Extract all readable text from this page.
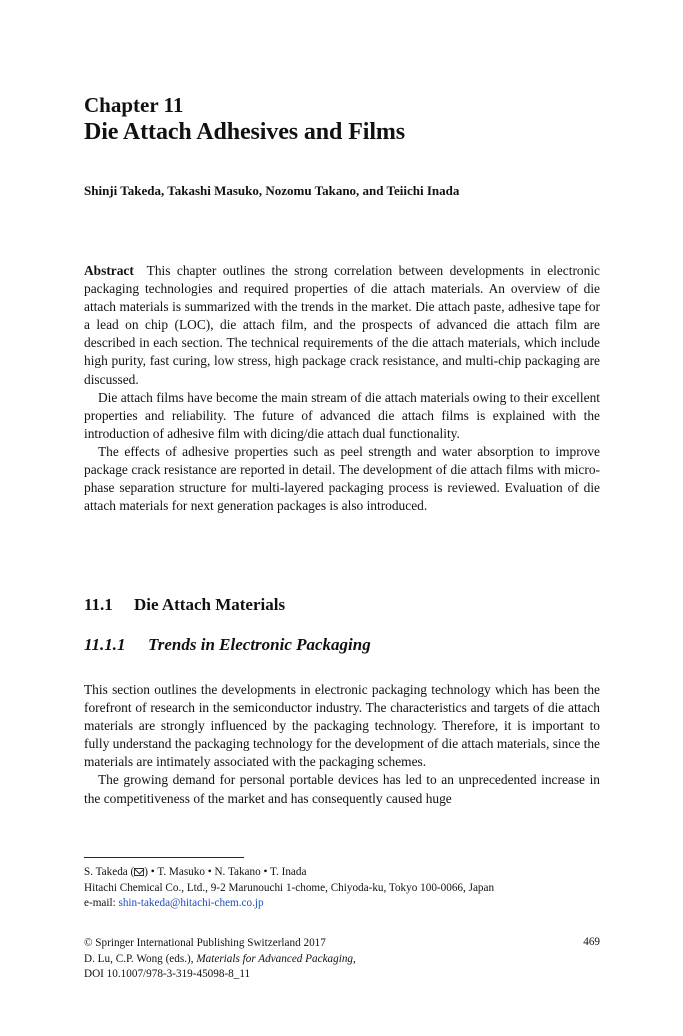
Chapter 11
Die Attach Adhesives and Films
Shinji Takeda, Takashi Masuko, Nozomu Takano, and Teiichi Inada

Abstract This chapter outlines the strong correlation between developments in electronic packaging technologies and required properties of die attach materials. An overview of die attach materials is summarized with the trends in the market. Die attach paste, adhesive tape for a lead on chip (LOC), die attach film, and the prospects of advanced die attach film are described in each section. The technical requirements of the die attach materials, which include high purity, fast curing, low stress, high package crack resistance, and multi-chip packaging are discussed.

Die attach films have become the main stream of die attach materials owing to their excellent properties and reliability. The future of advanced die attach films is explained with the introduction of adhesive film with dicing/die attach dual functionality.

The effects of adhesive properties such as peel strength and water absorption to improve package crack resistance are reported in detail. The development of die attach films with micro-phase separation structure for multi-layered packaging process is reviewed. Evaluation of die attach materials for next generation packages is also introduced.

11.1 Die Attach Materials
11.1.1 Trends in Electronic Packaging

This section outlines the developments in electronic packaging technology which has been the forefront of research in the semiconductor industry. The characteristics and targets of die attach materials are strongly influenced by the packaging technology. Therefore, it is important to fully understand the packaging technology for the development of die attach materials, since the materials are intimately associated with the packaging schemes.

The growing demand for personal portable devices has led to an unprecedented increase in the competitiveness of the market and has consequently caused huge

S. Takeda ( ) • T. Masuko • N. Takano • T. Inada
Hitachi Chemical Co., Ltd., 9-2 Marunouchi 1-chome, Chiyoda-ku, Tokyo 100-0066, Japan
e-mail: shin-takeda@hitachi-chem.co.jp
© Springer International Publishing Switzerland 2017
D. Lu, C.P. Wong (eds.), Materials for Advanced Packaging,
DOI 10.1007/978-3-319-45098-8_11
469
